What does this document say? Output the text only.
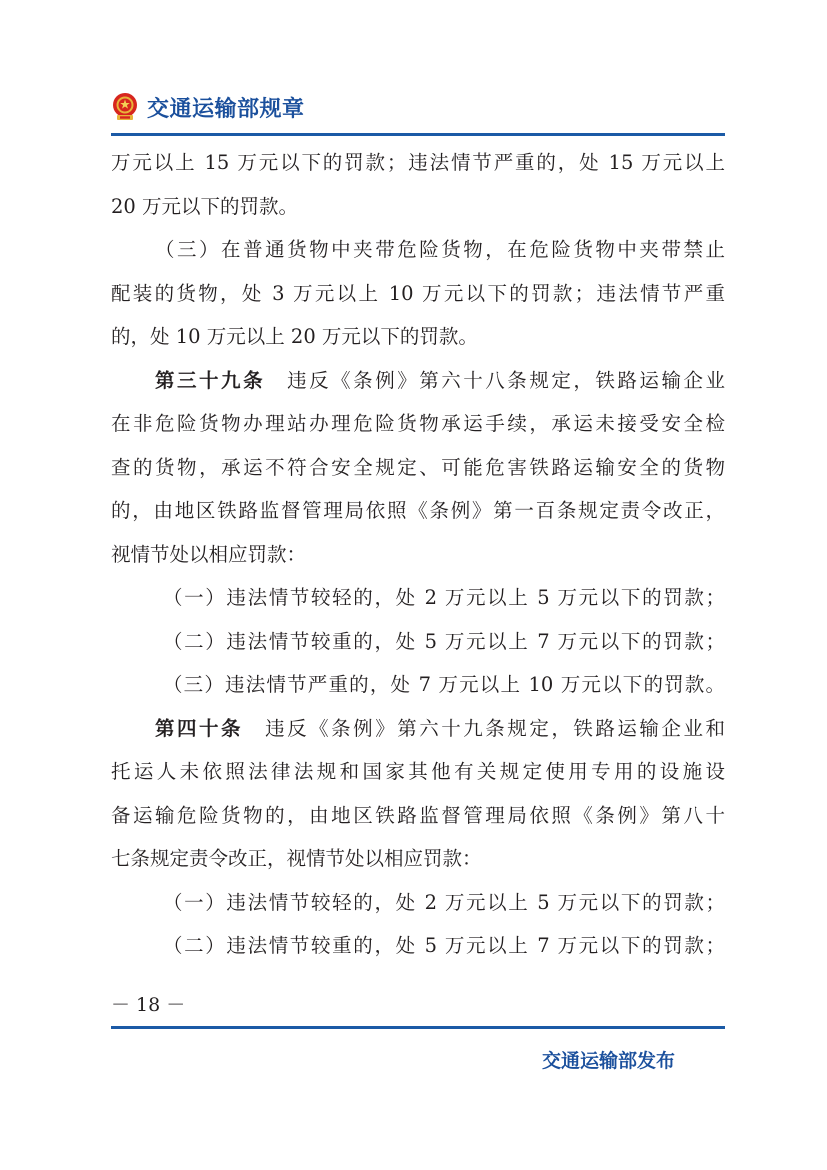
交通运输部规章
万元以上 15 万元以下的罚款；违法情节严重的，处 15 万元以上
20 万元以下的罚款。
（三）在普通货物中夹带危险货物，在危险货物中夹带禁止
配装的货物，处 3 万元以上 10 万元以下的罚款；违法情节严重
的，处 10 万元以上 20 万元以下的罚款。
第三十九条 违反《条例》第六十八条规定，铁路运输企业
在非危险货物办理站办理危险货物承运手续，承运未接受安全检
查的货物，承运不符合安全规定、可能危害铁路运输安全的货物
的，由地区铁路监督管理局依照《条例》第一百条规定责令改正，
视情节处以相应罚款：
（一）违法情节较轻的，处 2 万元以上 5 万元以下的罚款；
（二）违法情节较重的，处 5 万元以上 7 万元以下的罚款；
（三）违法情节严重的，处 7 万元以上 10 万元以下的罚款。
第四十条 违反《条例》第六十九条规定，铁路运输企业和
托运人未依照法律法规和国家其他有关规定使用专用的设施设
备运输危险货物的，由地区铁路监督管理局依照《条例》第八十
七条规定责令改正，视情节处以相应罚款：
（一）违法情节较轻的，处 2 万元以上 5 万元以下的罚款；
（二）违法情节较重的，处 5 万元以上 7 万元以下的罚款；
－ 18 －
交通运输部发布
